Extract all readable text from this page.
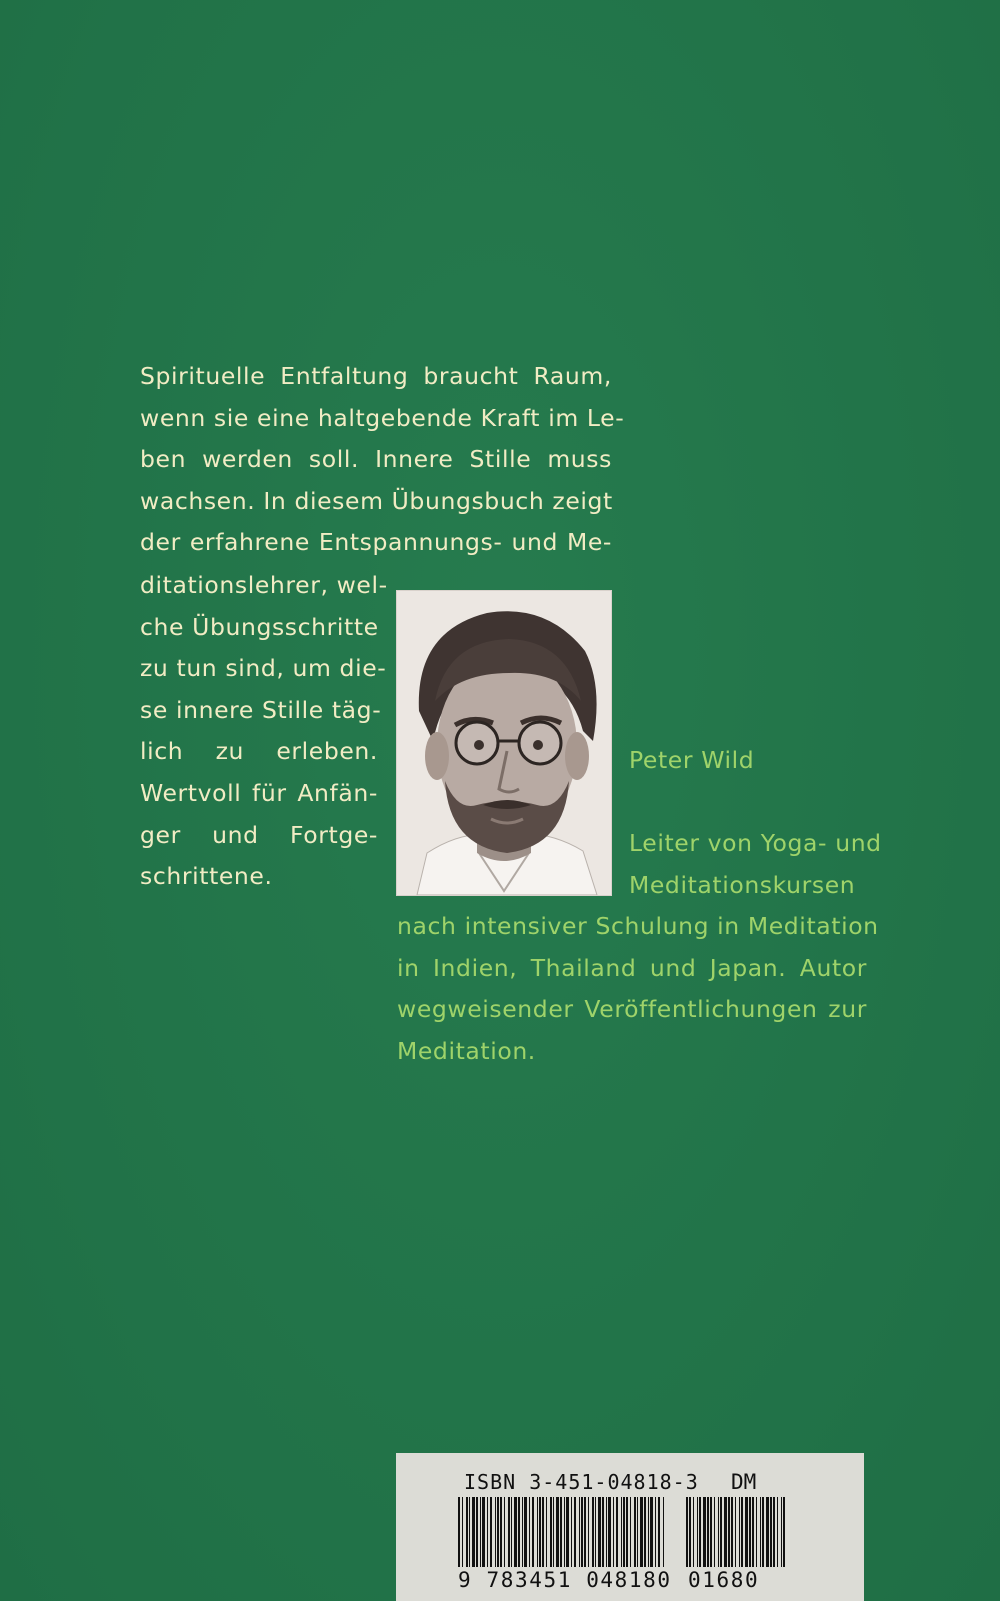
Spirituelle Entfaltung braucht Raum,
wenn sie eine haltgebende Kraft im Le-
ben werden soll. Innere Stille muss
wachsen. In diesem Übungsbuch zeigt
der erfahrene Entspannungs- und Me-

ditationslehrer, wel-
che Übungsschritte
zu tun sind, um die-
se innere Stille täg-
lich zu erleben.
Wertvoll für Anfän-
ger und Fortge-
schrittene.

Peter Wild

Leiter von Yoga- und
Meditationskursen

nach intensiver Schulung in Meditation
in Indien, Thailand und Japan. Autor
wegweisender Veröffentlichungen zur
Meditation.

ISBN 3-451-04818-3 DM
9 783451 048180 01680
